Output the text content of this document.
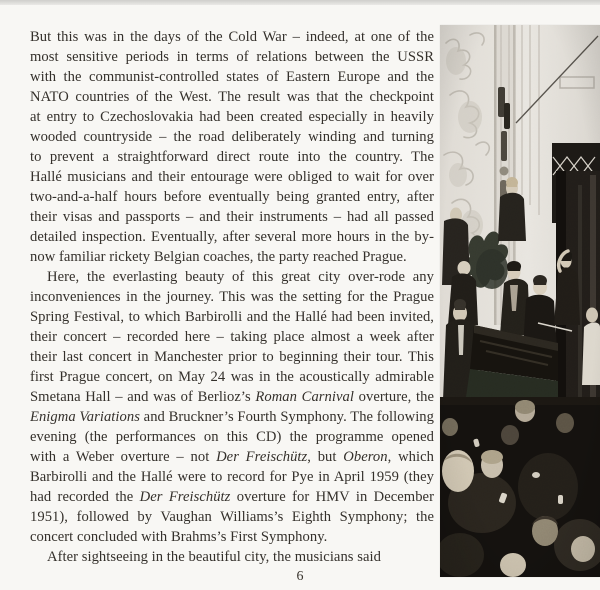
But this was in the days of the Cold War – indeed, at one of the
most sensitive periods in terms of relations between the USSR
with the communist-controlled states of Eastern Europe and the
NATO countries of the West. The result was that the checkpoint
at entry to Czechoslovakia had been created especially in heavily
wooded countryside – the road deliberately winding and turning
to prevent a straightforward direct route into the country. The
Hallé musicians and their entourage were obliged to wait for over
two-and-a-half hours before eventually being granted entry, after
their visas and passports – and their instruments – had all passed
detailed inspection. Eventually, after several more hours in the by-
now familiar rickety Belgian coaches, the party reached Prague.
Here, the everlasting beauty of this great city over-rode any
inconveniences in the journey. This was the setting for the Prague
Spring Festival, to which Barbirolli and the Hallé had been invited,
their concert – recorded here – taking place almost a week after
their last concert in Manchester prior to beginning their tour. This
first Prague concert, on May 24 was in the acoustically admirable
Smetana Hall – and was of Berlioz’s Roman Carnival overture, the
Enigma Variations and Bruckner’s Fourth Symphony. The following
evening (the performances on this CD) the programme opened
with a Weber overture – not Der Freischütz, but Oberon, which
Barbirolli and the Hallé were to record for Pye in April 1959 (they
had recorded the Der Freischütz overture for HMV in December
1951), followed by Vaughan Williams’s Eighth Symphony; the
concert concluded with Brahms’s First Symphony.
After sightseeing in the beautiful city, the musicians said
6
